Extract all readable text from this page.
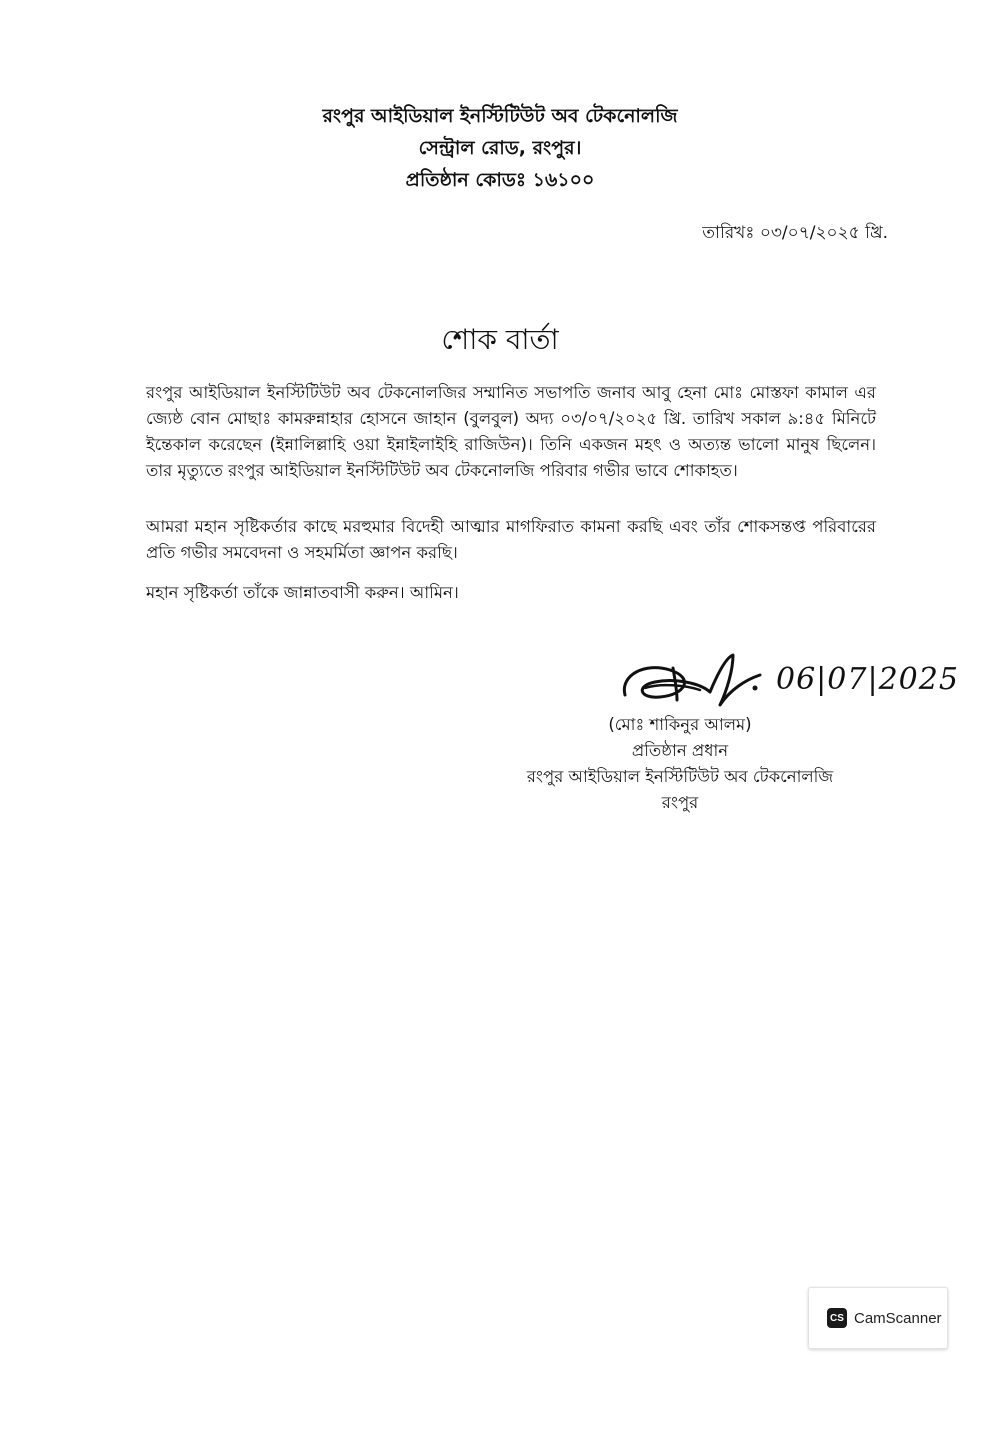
রংপুর আইডিয়াল ইনস্টিটিউট অব টেকনোলজি
সেন্ট্রাল রোড, রংপুর।
প্রতিষ্ঠান কোডঃ ১৬১০০
তারিখঃ ০৩/০৭/২০২৫ খ্রি.
শোক বার্তা
রংপুর আইডিয়াল ইনস্টিটিউট অব টেকনোলজির সম্মানিত সভাপতি জনাব আবু হেনা মোঃ মোস্তফা কামাল এর জ্যেষ্ঠ বোন মোছাঃ কামরুন্নাহার হোসনে জাহান (বুলবুল) অদ্য ০৩/০৭/২০২৫ খ্রি. তারিখ সকাল ৯:৪৫ মিনিটে ইন্তেকাল করেছেন (ইন্নালিল্লাহি ওয়া ইন্নাইলাইহি রাজিউন)। তিনি একজন মহৎ ও অত্যন্ত ভালো মানুষ ছিলেন। তার মৃত্যুতে রংপুর আইডিয়াল ইনস্টিটিউট অব টেকনোলজি পরিবার গভীর ভাবে শোকাহত।
আমরা মহান সৃষ্টিকর্তার কাছে মরহুমার বিদেহী আত্মার মাগফিরাত কামনা করছি এবং তাঁর শোকসন্তপ্ত পরিবারের প্রতি গভীর সমবেদনা ও সহমর্মিতা জ্ঞাপন করছি।
মহান সৃষ্টিকর্তা তাঁকে জান্নাতবাসী করুন। আমিন।
06|07|2025
(মোঃ শাকিনুর আলম)
প্রতিষ্ঠান প্রধান
রংপুর আইডিয়াল ইনস্টিটিউট অব টেকনোলজি
রংপুর
CS CamScanner
